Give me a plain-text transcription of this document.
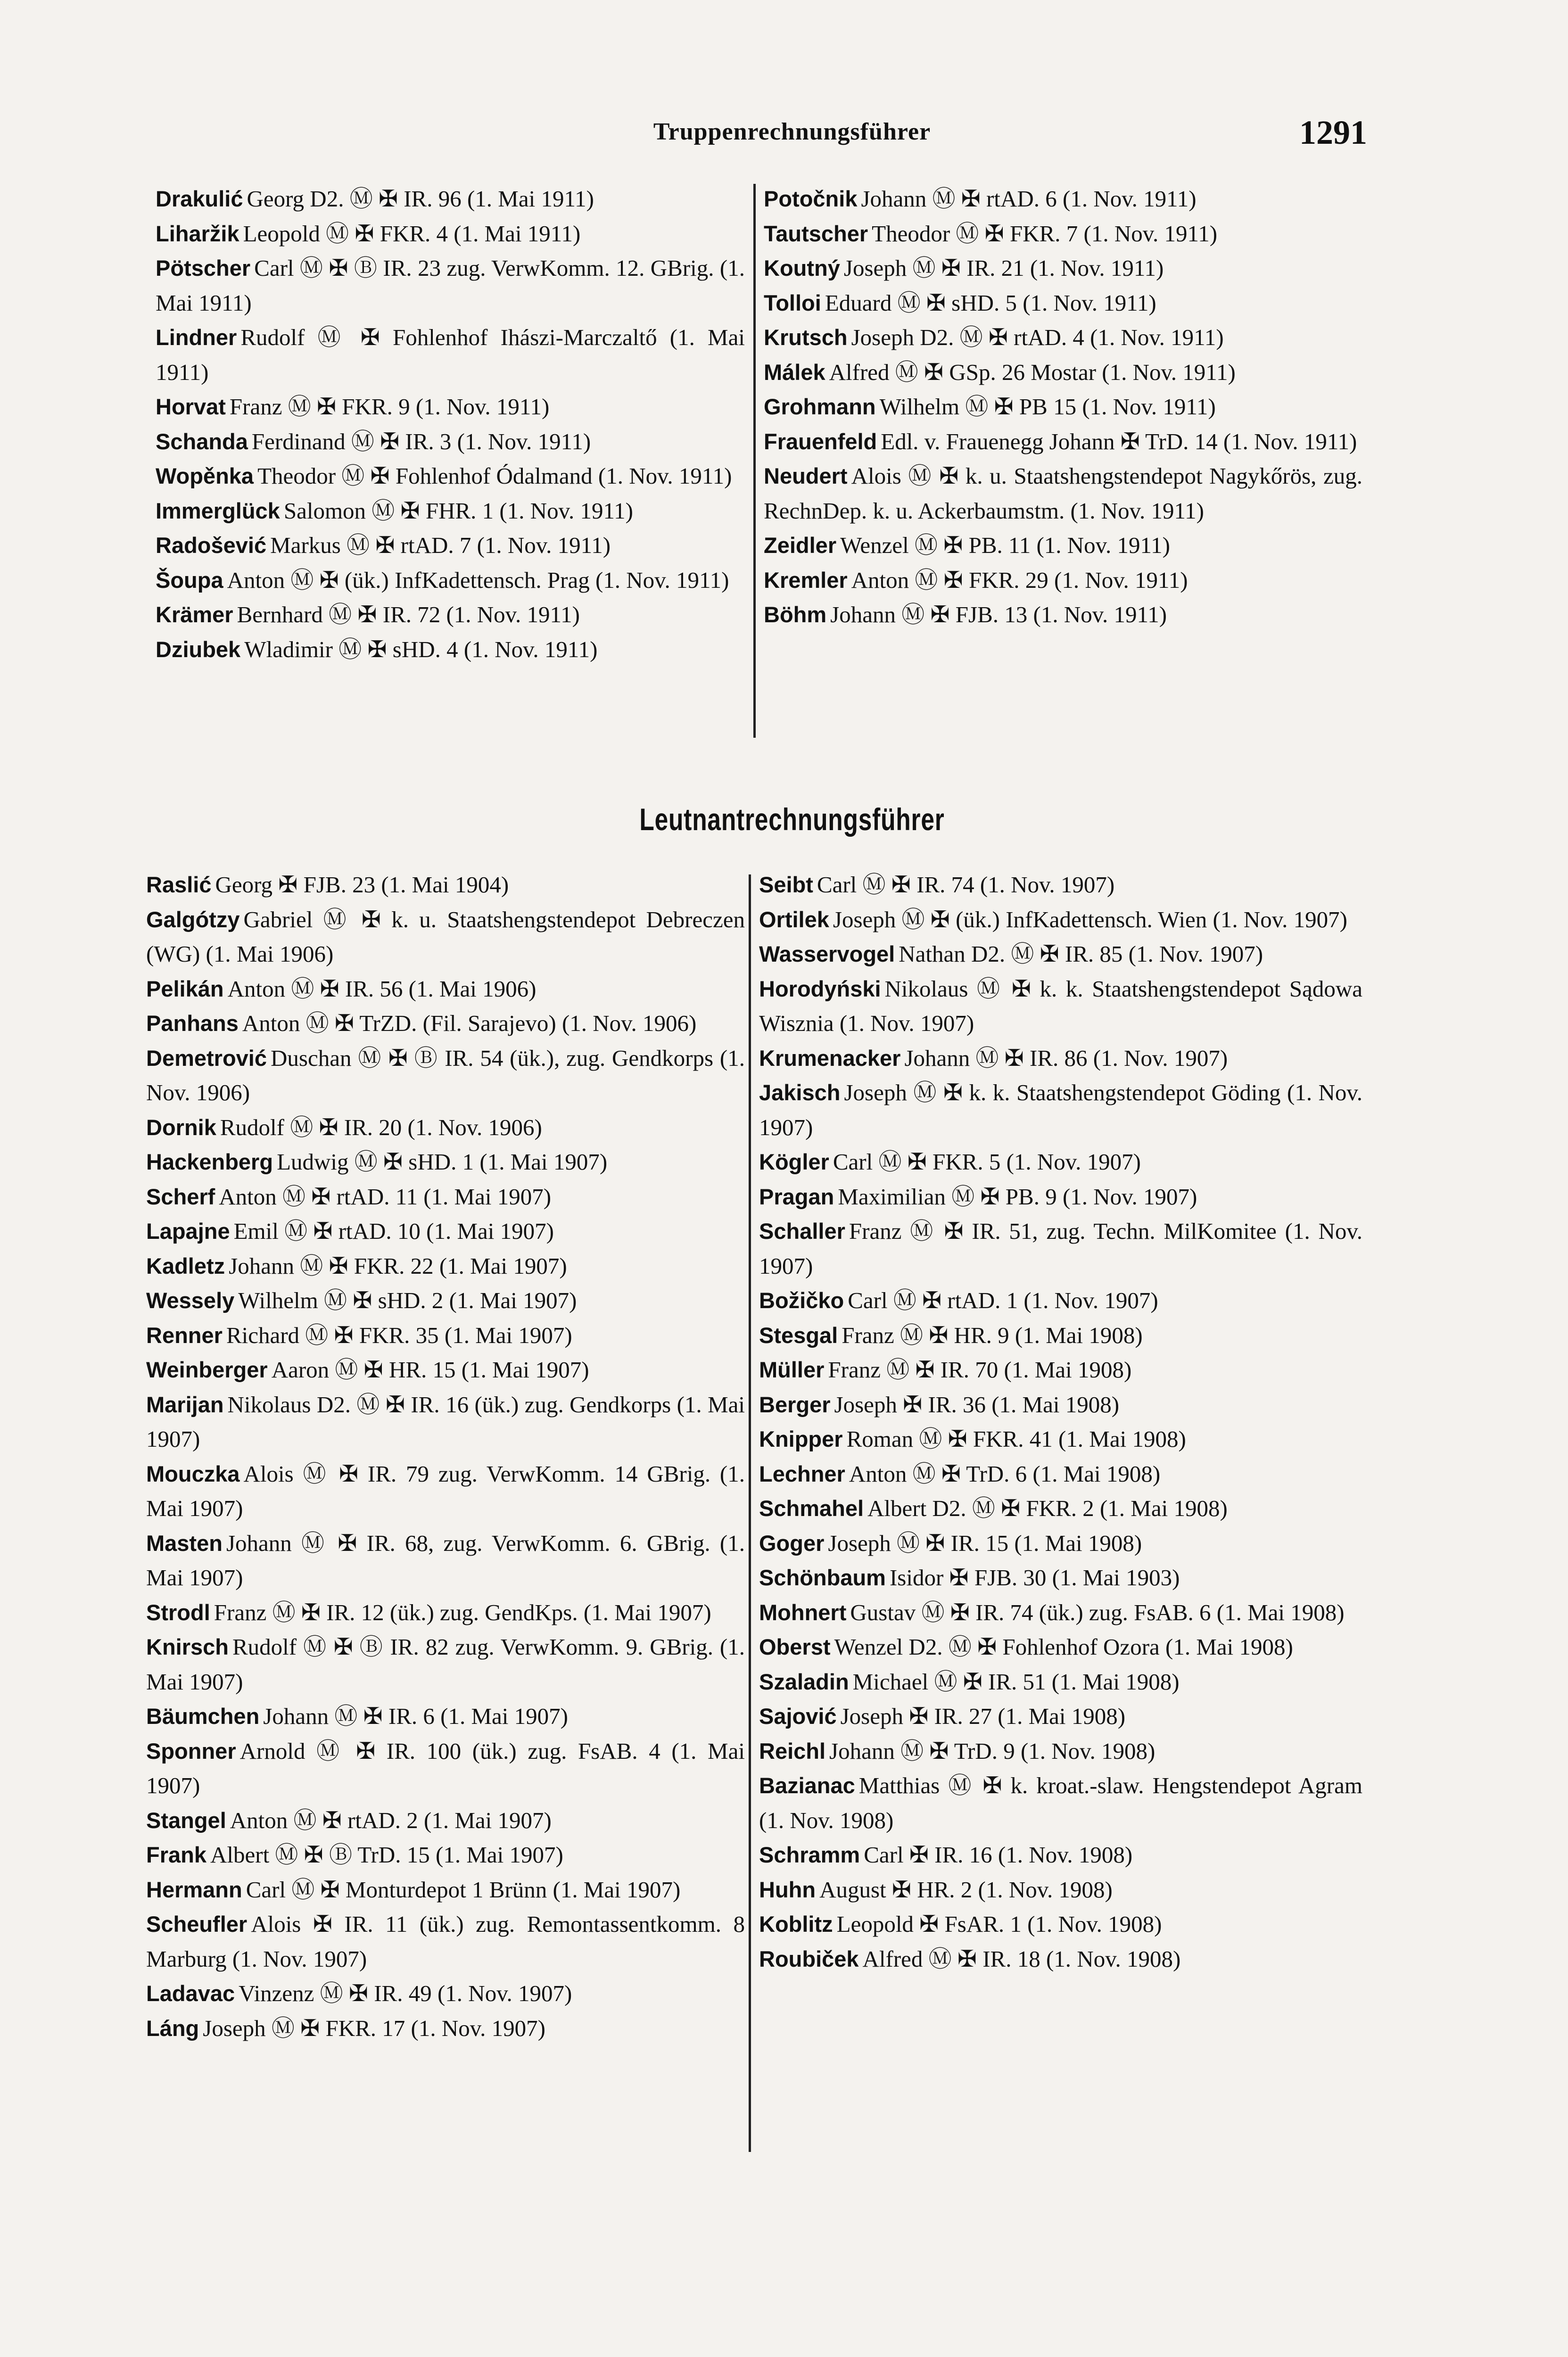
Truppenrechnungsführer	1291

Drakulić Georg D2. Ⓜ ✠ IR. 96 (1. Mai 1911)

Liharžik Leopold Ⓜ ✠ FKR. 4 (1. Mai 1911)

Pötscher Carl Ⓜ ✠ Ⓑ IR. 23 zug. VerwKomm. 12. GBrig. (1. Mai 1911)

Lindner Rudolf Ⓜ ✠ Fohlenhof Ihászi-Marczaltő (1. Mai 1911)

Horvat Franz Ⓜ ✠ FKR. 9 (1. Nov. 1911)

Schanda Ferdinand Ⓜ ✠ IR. 3 (1. Nov. 1911)

Wopěnka Theodor Ⓜ ✠ Fohlenhof Ódalmand (1. Nov. 1911)

Immerglück Salomon Ⓜ ✠ FHR. 1 (1. Nov. 1911)

Radošević Markus Ⓜ ✠ rtAD. 7 (1. Nov. 1911)

Šoupa Anton Ⓜ ✠ (ük.) InfKadettensch. Prag (1. Nov. 1911)

Krämer Bernhard Ⓜ ✠ IR. 72 (1. Nov. 1911)

Dziubek Wladimir Ⓜ ✠ sHD. 4 (1. Nov. 1911)

Potočnik Johann Ⓜ ✠ rtAD. 6 (1. Nov. 1911)

Tautscher Theodor Ⓜ ✠ FKR. 7 (1. Nov. 1911)

Koutný Joseph Ⓜ ✠ IR. 21 (1. Nov. 1911)

Tolloi Eduard Ⓜ ✠ sHD. 5 (1. Nov. 1911)

Krutsch Joseph D2. Ⓜ ✠ rtAD. 4 (1. Nov. 1911)

Málek Alfred Ⓜ ✠ GSp. 26 Mostar (1. Nov. 1911)

Grohmann Wilhelm Ⓜ ✠ PB 15 (1. Nov. 1911)

Frauenfeld Edl. v. Frauenegg Johann ✠ TrD. 14 (1. Nov. 1911)

Neudert Alois Ⓜ ✠ k. u. Staatshengstendepot Nagykőrös, zug. RechnDep. k. u. Ackerbaumstm. (1. Nov. 1911)

Zeidler Wenzel Ⓜ ✠ PB. 11 (1. Nov. 1911)

Kremler Anton Ⓜ ✠ FKR. 29 (1. Nov. 1911)

Böhm Johann Ⓜ ✠ FJB. 13 (1. Nov. 1911)

Leutnantrechnungsführer

Raslić Georg ✠ FJB. 23 (1. Mai 1904)

Galgótzy Gabriel Ⓜ ✠ k. u. Staatshengstendepot Debreczen (WG) (1. Mai 1906)

Pelikán Anton Ⓜ ✠ IR. 56 (1. Mai 1906)

Panhans Anton Ⓜ ✠ TrZD. (Fil. Sarajevo) (1. Nov. 1906)

Demetrović Duschan Ⓜ ✠ Ⓑ IR. 54 (ük.), zug. Gendkorps (1. Nov. 1906)

Dornik Rudolf Ⓜ ✠ IR. 20 (1. Nov. 1906)

Hackenberg Ludwig Ⓜ ✠ sHD. 1 (1. Mai 1907)

Scherf Anton Ⓜ ✠ rtAD. 11 (1. Mai 1907)

Lapajne Emil Ⓜ ✠ rtAD. 10 (1. Mai 1907)

Kadletz Johann Ⓜ ✠ FKR. 22 (1. Mai 1907)

Wessely Wilhelm Ⓜ ✠ sHD. 2 (1. Mai 1907)

Renner Richard Ⓜ ✠ FKR. 35 (1. Mai 1907)

Weinberger Aaron Ⓜ ✠ HR. 15 (1. Mai 1907)

Marijan Nikolaus D2. Ⓜ ✠ IR. 16 (ük.) zug. Gendkorps (1. Mai 1907)

Mouczka Alois Ⓜ ✠ IR. 79 zug. VerwKomm. 14 GBrig. (1. Mai 1907)

Masten Johann Ⓜ ✠ IR. 68, zug. VerwKomm. 6. GBrig. (1. Mai 1907)

Strodl Franz Ⓜ ✠ IR. 12 (ük.) zug. GendKps. (1. Mai 1907)

Knirsch Rudolf Ⓜ ✠ Ⓑ IR. 82 zug. VerwKomm. 9. GBrig. (1. Mai 1907)

Bäumchen Johann Ⓜ ✠ IR. 6 (1. Mai 1907)

Sponner Arnold Ⓜ ✠ IR. 100 (ük.) zug. FsAB. 4 (1. Mai 1907)

Stangel Anton Ⓜ ✠ rtAD. 2 (1. Mai 1907)

Frank Albert Ⓜ ✠ Ⓑ TrD. 15 (1. Mai 1907)

Hermann Carl Ⓜ ✠ Monturdepot 1 Brünn (1. Mai 1907)

Scheufler Alois ✠ IR. 11 (ük.) zug. Remontassentkomm. 8 Marburg (1. Nov. 1907)

Ladavac Vinzenz Ⓜ ✠ IR. 49 (1. Nov. 1907)

Láng Joseph Ⓜ ✠ FKR. 17 (1. Nov. 1907)

Seibt Carl Ⓜ ✠ IR. 74 (1. Nov. 1907)

Ortilek Joseph Ⓜ ✠ (ük.) InfKadettensch. Wien (1. Nov. 1907)

Wasservogel Nathan D2. Ⓜ ✠ IR. 85 (1. Nov. 1907)

Horodyński Nikolaus Ⓜ ✠ k. k. Staatshengstendepot Sądowa Wisznia (1. Nov. 1907)

Krumenacker Johann Ⓜ ✠ IR. 86 (1. Nov. 1907)

Jakisch Joseph Ⓜ ✠ k. k. Staatshengstendepot Göding (1. Nov. 1907)

Kögler Carl Ⓜ ✠ FKR. 5 (1. Nov. 1907)

Pragan Maximilian Ⓜ ✠ PB. 9 (1. Nov. 1907)

Schaller Franz Ⓜ ✠ IR. 51, zug. Techn. MilKomitee (1. Nov. 1907)

Božičko Carl Ⓜ ✠ rtAD. 1 (1. Nov. 1907)

Stesgal Franz Ⓜ ✠ HR. 9 (1. Mai 1908)

Müller Franz Ⓜ ✠ IR. 70 (1. Mai 1908)

Berger Joseph ✠ IR. 36 (1. Mai 1908)

Knipper Roman Ⓜ ✠ FKR. 41 (1. Mai 1908)

Lechner Anton Ⓜ ✠ TrD. 6 (1. Mai 1908)

Schmahel Albert D2. Ⓜ ✠ FKR. 2 (1. Mai 1908)

Goger Joseph Ⓜ ✠ IR. 15 (1. Mai 1908)

Schönbaum Isidor ✠ FJB. 30 (1. Mai 1903)

Mohnert Gustav Ⓜ ✠ IR. 74 (ük.) zug. FsAB. 6 (1. Mai 1908)

Oberst Wenzel D2. Ⓜ ✠ Fohlenhof Ozora (1. Mai 1908)

Szaladin Michael Ⓜ ✠ IR. 51 (1. Mai 1908)

Sajović Joseph ✠ IR. 27 (1. Mai 1908)

Reichl Johann Ⓜ ✠ TrD. 9 (1. Nov. 1908)

Bazianac Matthias Ⓜ ✠ k. kroat.-slaw. Hengstendepot Agram (1. Nov. 1908)

Schramm Carl ✠ IR. 16 (1. Nov. 1908)

Huhn August ✠ HR. 2 (1. Nov. 1908)

Koblitz Leopold ✠ FsAR. 1 (1. Nov. 1908)

Roubiček Alfred Ⓜ ✠ IR. 18 (1. Nov. 1908)
